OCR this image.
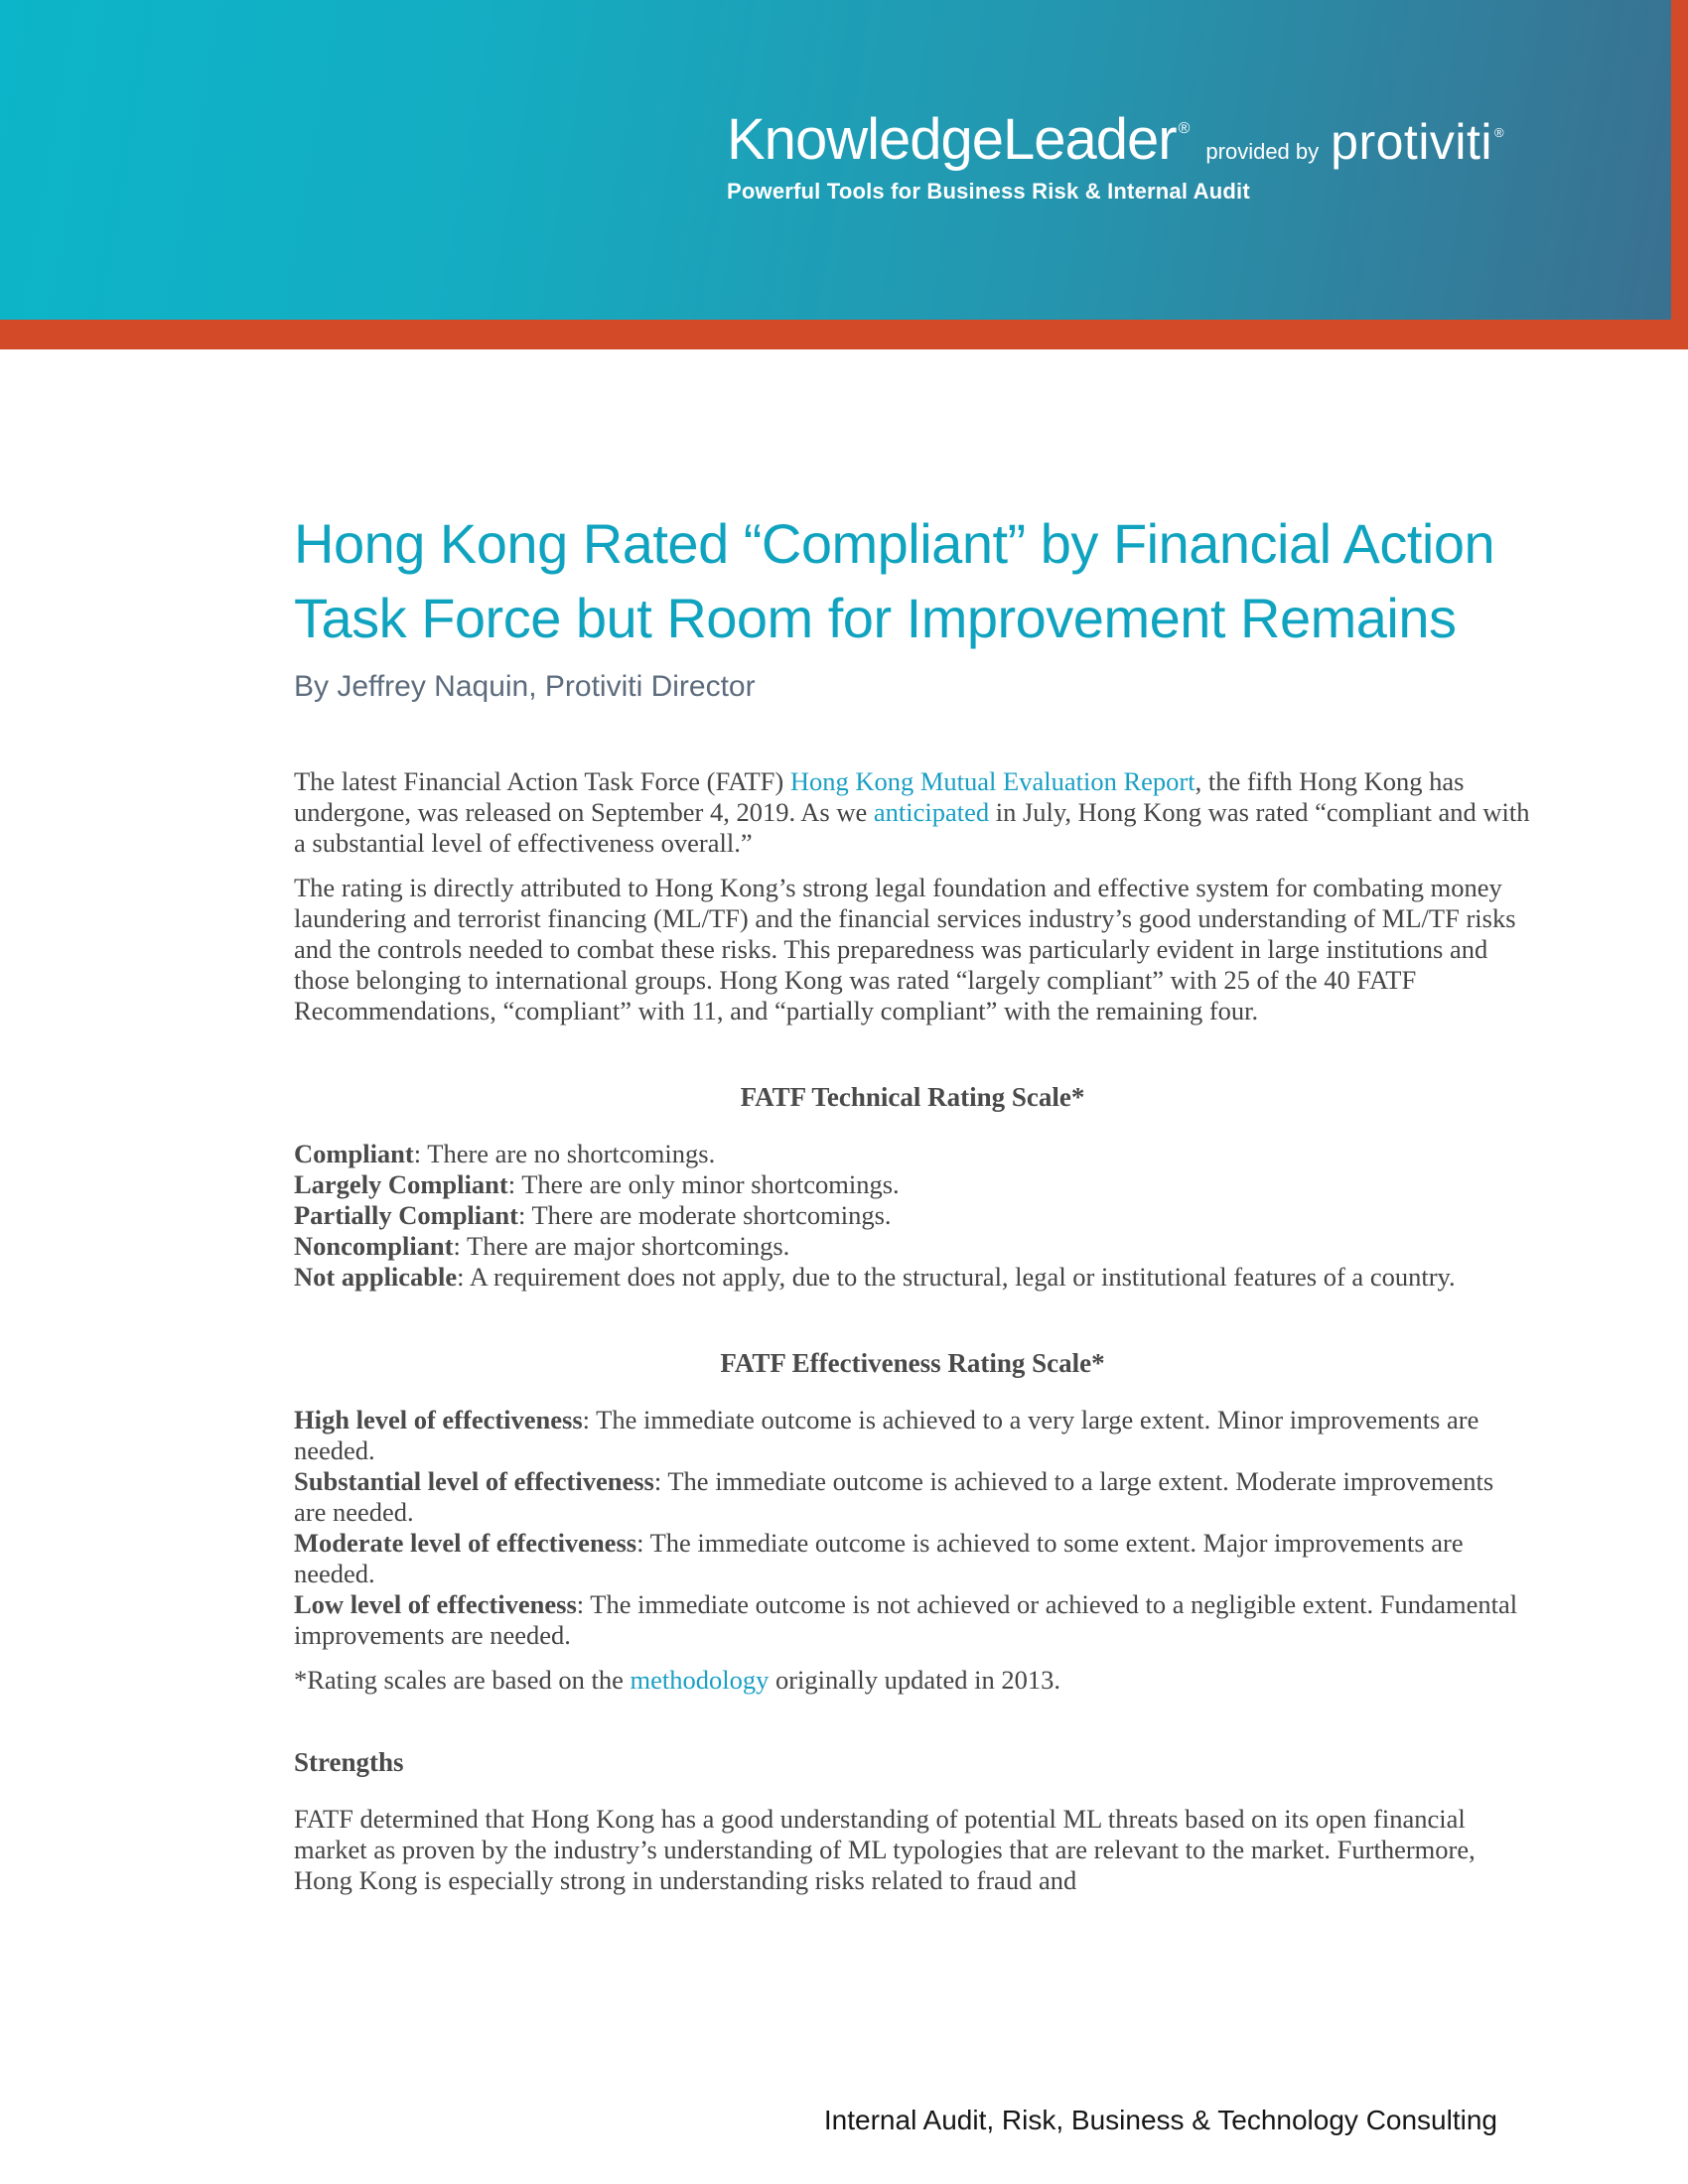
KnowledgeLeader ®
provided by protiviti ®
Powerful Tools for Business Risk & Internal Audit
Hong Kong Rated “Compliant” by Financial Action Task Force but Room for Improvement Remains
By Jeffrey Naquin, Protiviti Director

The latest Financial Action Task Force (FATF) Hong Kong Mutual Evaluation Report, the fifth Hong Kong has undergone, was released on September 4, 2019. As we anticipated in July, Hong Kong was rated “compliant and with a substantial level of effectiveness overall.”

The rating is directly attributed to Hong Kong’s strong legal foundation and effective system for combating money laundering and terrorist financing (ML/TF) and the financial services industry’s good understanding of ML/TF risks and the controls needed to combat these risks. This preparedness was particularly evident in large institutions and those belonging to international groups. Hong Kong was rated “largely compliant” with 25 of the 40 FATF Recommendations, “compliant” with 11, and “partially compliant” with the remaining four.

FATF Technical Rating Scale*

Compliant: There are no shortcomings.

Largely Compliant: There are only minor shortcomings.

Partially Compliant: There are moderate shortcomings.

Noncompliant: There are major shortcomings.

Not applicable: A requirement does not apply, due to the structural, legal or institutional features of a country.

FATF Effectiveness Rating Scale*

High level of effectiveness: The immediate outcome is achieved to a very large extent. Minor improvements are needed.

Substantial level of effectiveness: The immediate outcome is achieved to a large extent. Moderate improvements are needed.

Moderate level of effectiveness: The immediate outcome is achieved to some extent. Major improvements are needed.

Low level of effectiveness: The immediate outcome is not achieved or achieved to a negligible extent. Fundamental improvements are needed.

*Rating scales are based on the methodology originally updated in 2013.

Strengths

FATF determined that Hong Kong has a good understanding of potential ML threats based on its open financial market as proven by the industry’s understanding of ML typologies that are relevant to the market. Furthermore, Hong Kong is especially strong in understanding risks related to fraud and

Internal Audit, Risk, Business & Technology Consulting
